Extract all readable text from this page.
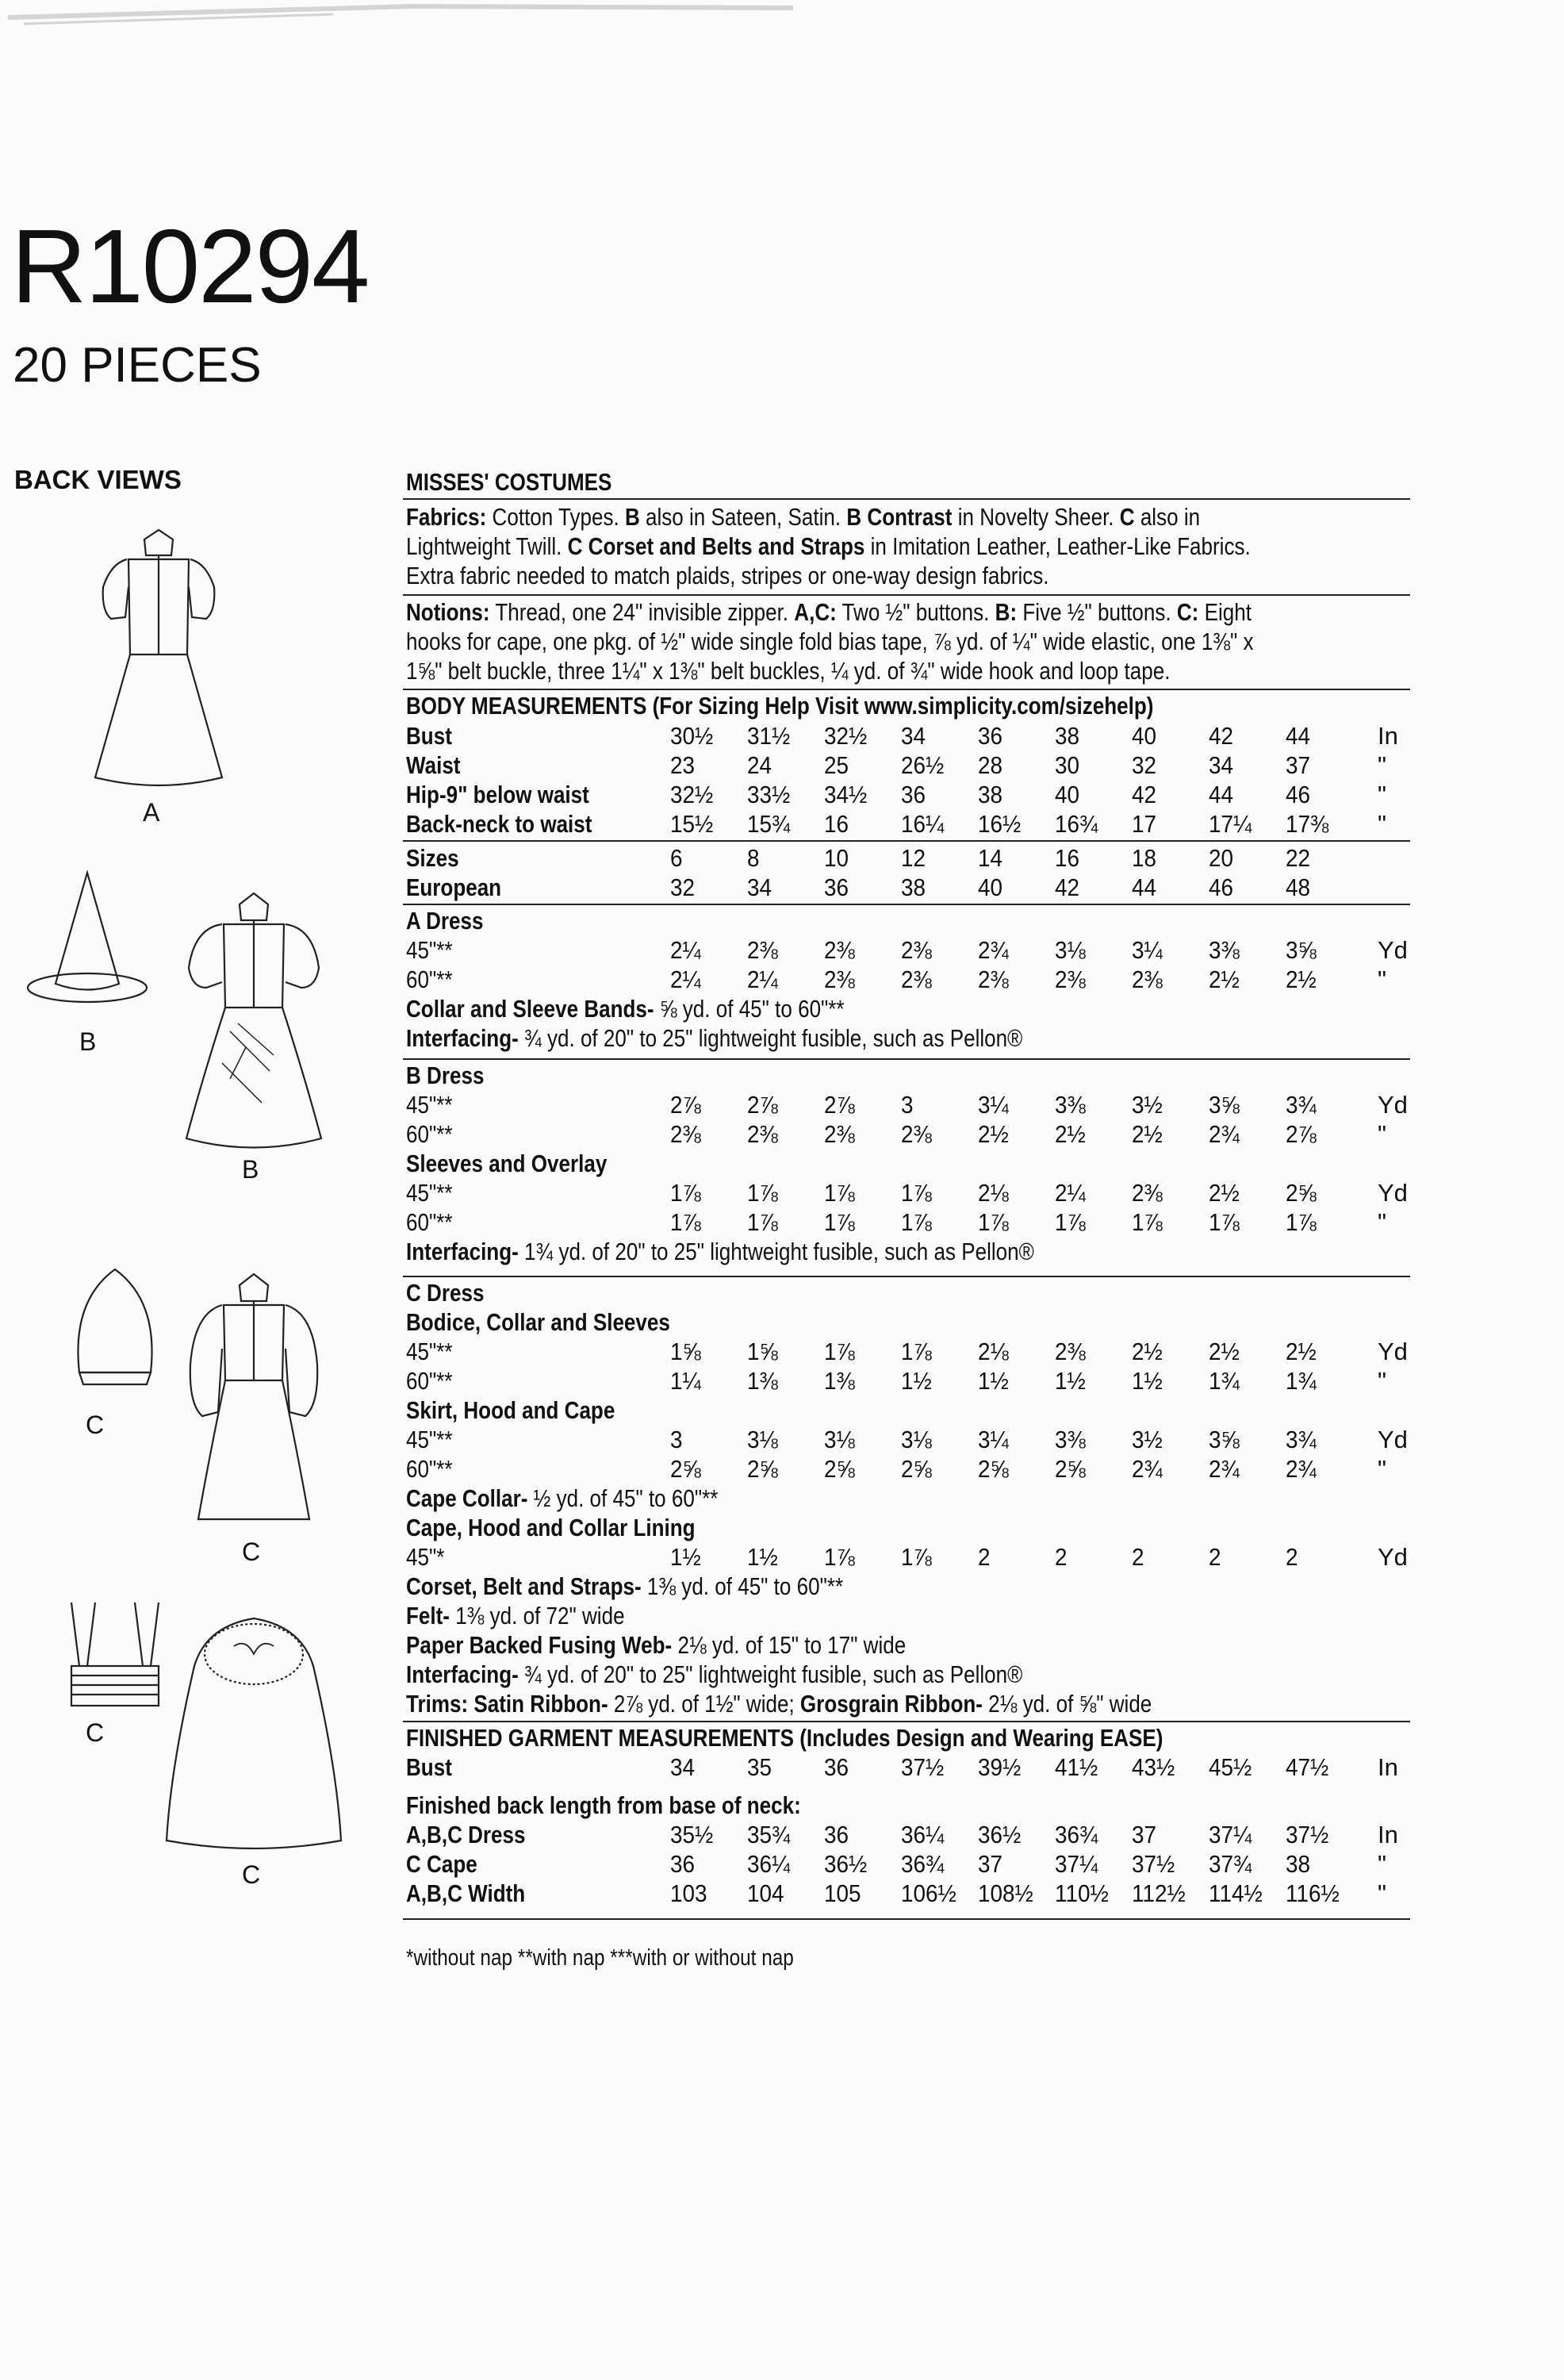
R10294
20 PIECES
BACK VIEWS
A
B
B
C
C
C
C
MISSES' COSTUMES
Fabrics: Cotton Types. B also in Sateen, Satin. B Contrast in Novelty Sheer. C also in
Lightweight Twill. C Corset and Belts and Straps in Imitation Leather, Leather-Like Fabrics.
Extra fabric needed to match plaids, stripes or one-way design fabrics.
Notions: Thread, one 24" invisible zipper. A,C: Two ½" buttons. B: Five ½" buttons. C: Eight
hooks for cape, one pkg. of ½" wide single fold bias tape, ⅞ yd. of ¼" wide elastic, one 1⅜" x
1⅝" belt buckle, three 1¼" x 1⅜" belt buckles, ¼ yd. of ¾" wide hook and loop tape.
BODY MEASUREMENTS (For Sizing Help Visit www.simplicity.com/sizehelp)
Bust	30½	31½	32½	34	36	38	40	42	44	In
Waist	23	24	25	26½	28	30	32	34	37	"
Hip-9" below waist	32½	33½	34½	36	38	40	42	44	46	"
Back-neck to waist	15½	15¾	16	16¼	16½	16¾	17	17¼	17⅜	"
Sizes	6	8	10	12	14	16	18	20	22
European	32	34	36	38	40	42	44	46	48
A Dress
45"**	2¼	2⅜	2⅜	2⅜	2¾	3⅛	3¼	3⅜	3⅝	Yd
60"**	2¼	2¼	2⅜	2⅜	2⅜	2⅜	2⅜	2½	2½	"
Collar and Sleeve Bands- ⅝ yd. of 45" to 60"**
Interfacing- ¾ yd. of 20" to 25" lightweight fusible, such as Pellon®
B Dress
45"**	2⅞	2⅞	2⅞	3	3¼	3⅜	3½	3⅝	3¾	Yd
60"**	2⅜	2⅜	2⅜	2⅜	2½	2½	2½	2¾	2⅞	"
Sleeves and Overlay
45"**	1⅞	1⅞	1⅞	1⅞	2⅛	2¼	2⅜	2½	2⅝	Yd
60"**	1⅞	1⅞	1⅞	1⅞	1⅞	1⅞	1⅞	1⅞	1⅞	"
Interfacing- 1¾ yd. of 20" to 25" lightweight fusible, such as Pellon®
C Dress
Bodice, Collar and Sleeves
45"**	1⅝	1⅝	1⅞	1⅞	2⅛	2⅜	2½	2½	2½	Yd
60"**	1¼	1⅜	1⅜	1½	1½	1½	1½	1¾	1¾	"
Skirt, Hood and Cape
45"**	3	3⅛	3⅛	3⅛	3¼	3⅜	3½	3⅝	3¾	Yd
60"**	2⅝	2⅝	2⅝	2⅝	2⅝	2⅝	2¾	2¾	2¾	"
Cape Collar- ½ yd. of 45" to 60"**
Cape, Hood and Collar Lining
45"*	1½	1½	1⅞	1⅞	2	2	2	2	2	Yd
Corset, Belt and Straps- 1⅜ yd. of 45" to 60"**
Felt- 1⅜ yd. of 72" wide
Paper Backed Fusing Web- 2⅛ yd. of 15" to 17" wide
Interfacing- ¾ yd. of 20" to 25" lightweight fusible, such as Pellon®
Trims: Satin Ribbon- 2⅞ yd. of 1½" wide; Grosgrain Ribbon- 2⅛ yd. of ⅝" wide
FINISHED GARMENT MEASUREMENTS (Includes Design and Wearing EASE)
Bust	34	35	36	37½	39½	41½	43½	45½	47½	In
Finished back length from base of neck:
A,B,C Dress	35½	35¾	36	36¼	36½	36¾	37	37¼	37½	In
C Cape	36	36¼	36½	36¾	37	37¼	37½	37¾	38	"
A,B,C Width	103	104	105	106½ 108½ 110½ 112½ 114½ 116½ "
*without nap **with nap ***with or without nap
